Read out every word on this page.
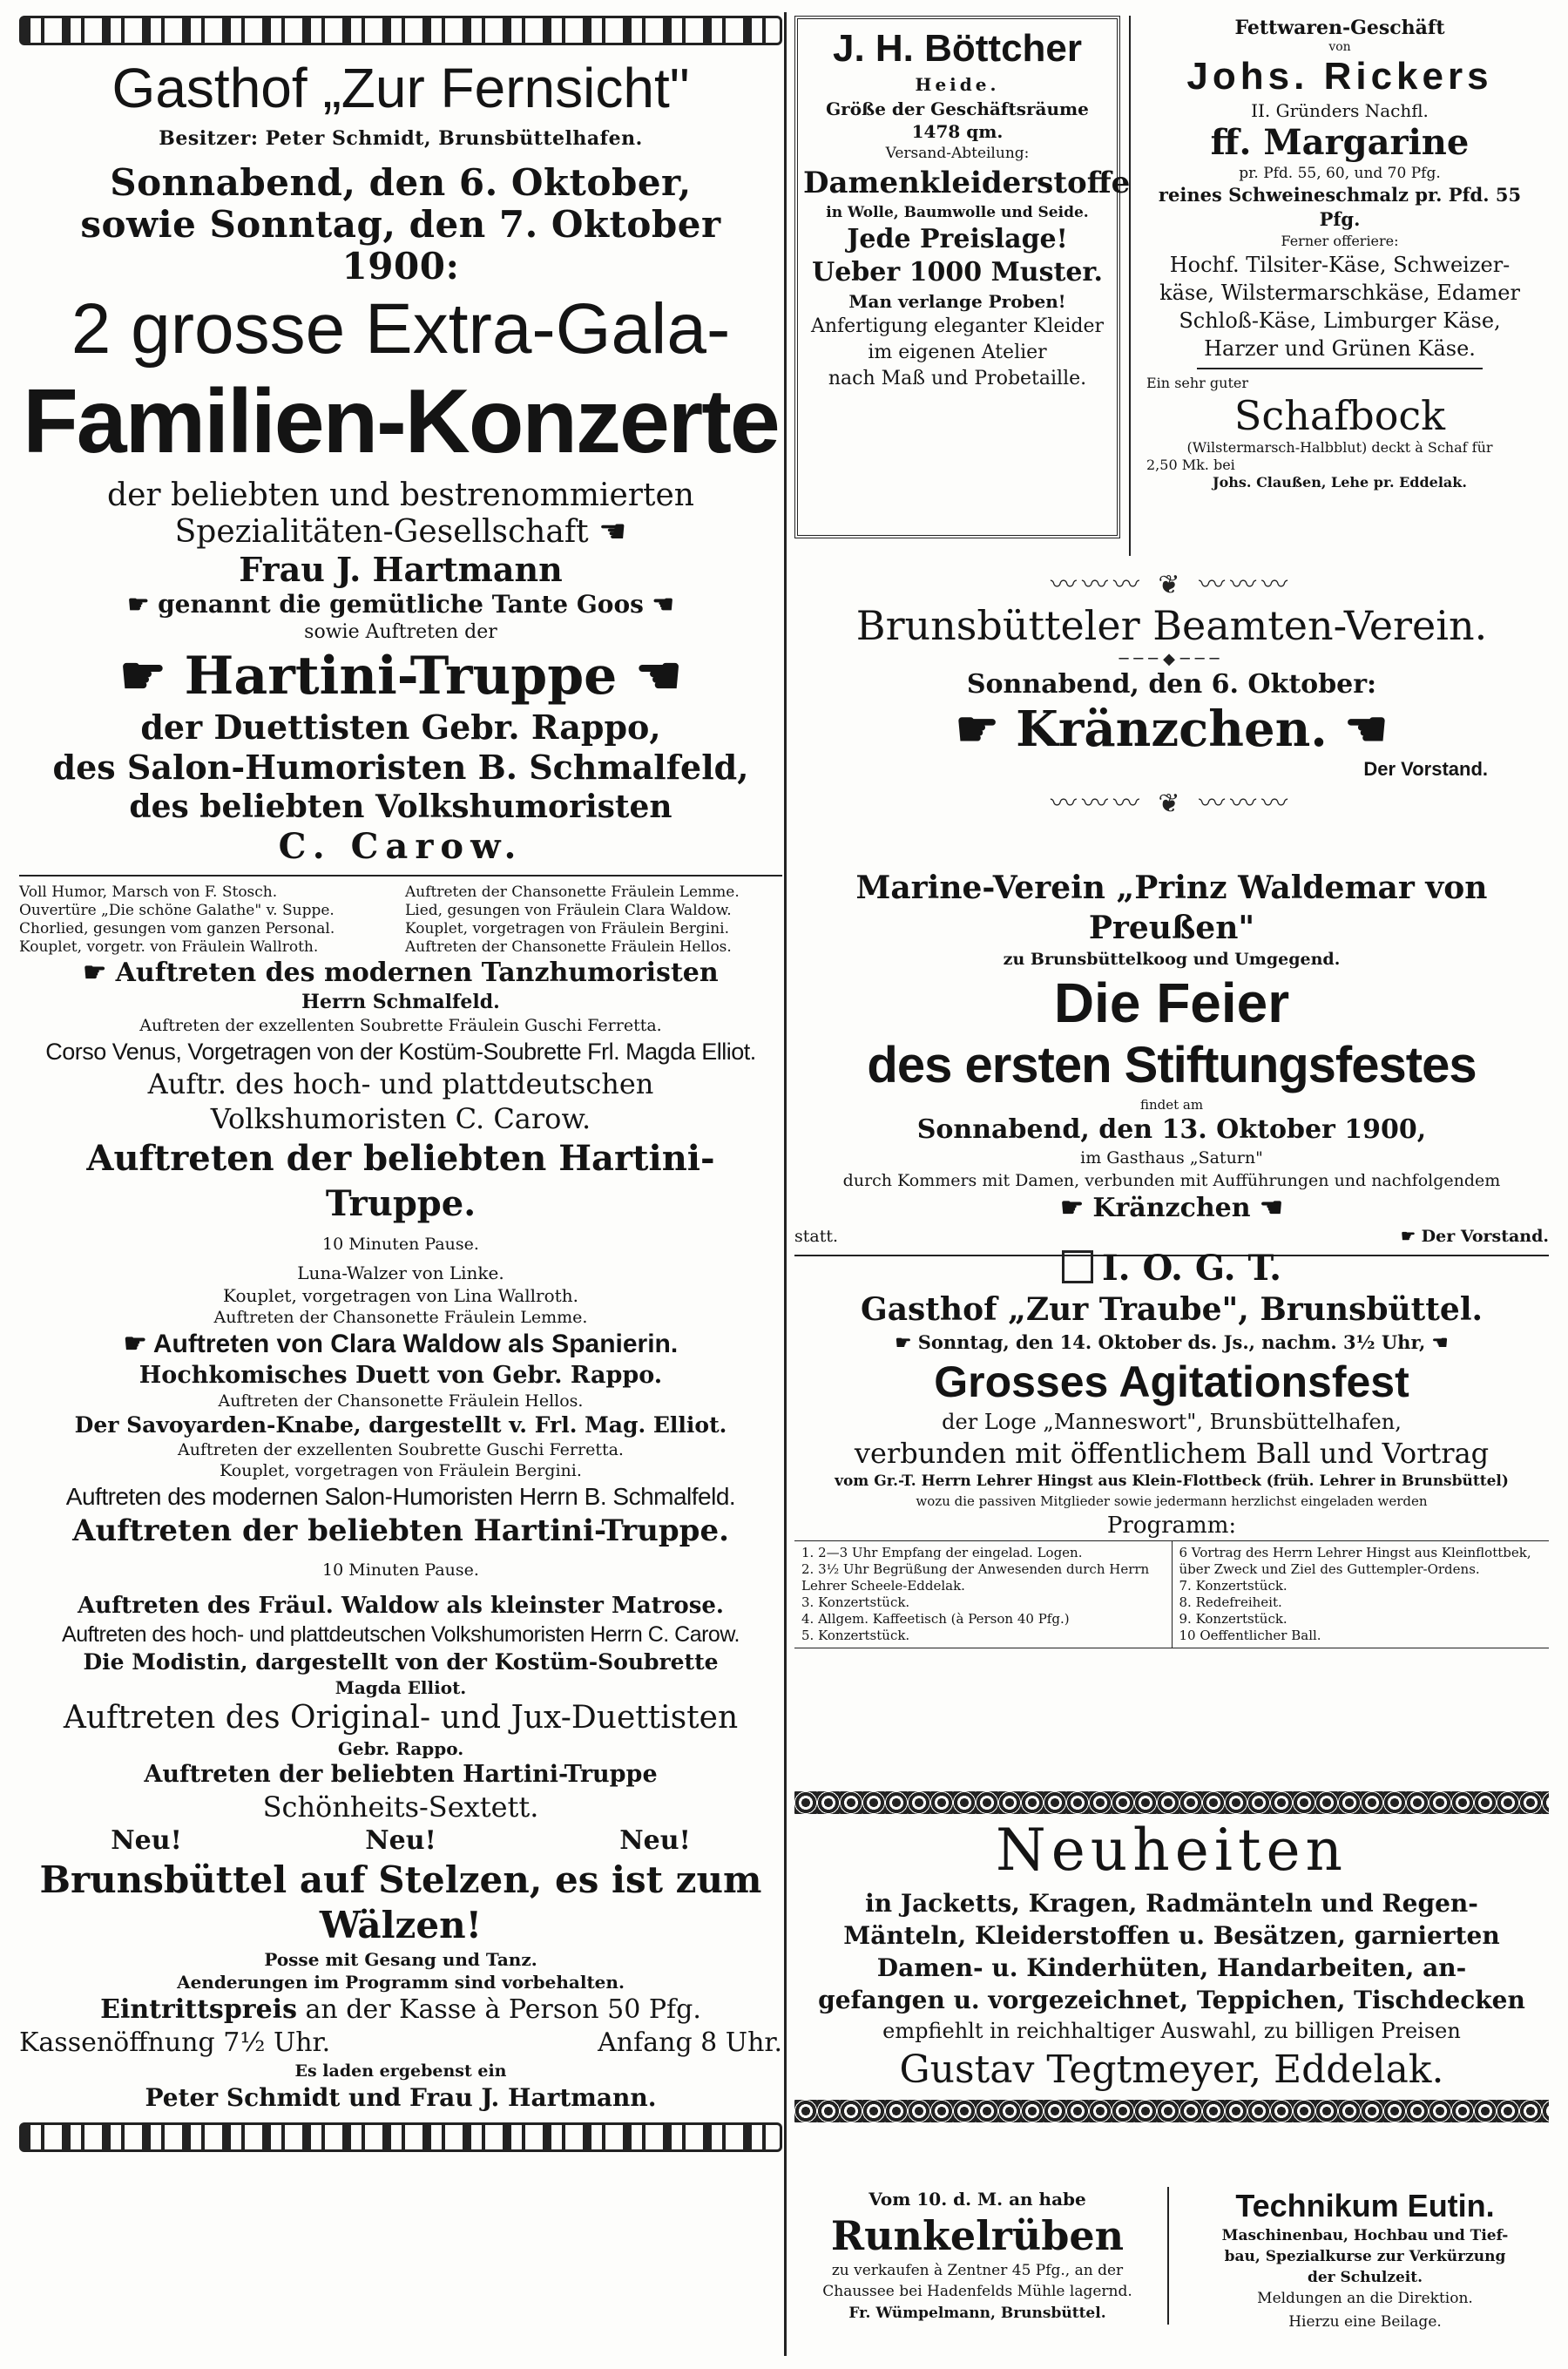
Gasthof „Zur Fernsicht"

Besitzer: Peter Schmidt, Brunsbüttelhafen.

Sonnabend, den 6. Oktober,

sowie Sonntag, den 7. Oktober 1900:

2 grosse Extra-Gala-

Familien-Konzerte

der beliebten und bestrenommierten

Spezialitäten-Gesellschaft ☚

Frau J. Hartmann

☛ genannt die gemütliche Tante Goos ☚

sowie Auftreten der

☛ Hartini-Truppe ☚

der Duettisten Gebr. Rappo,

des Salon-Humoristen B. Schmalfeld,

des beliebten Volkshumoristen

C. Carow.

Voll Humor, Marsch von F. Stosch.

Ouvertüre „Die schöne Galathe" v. Suppe.

Chorlied, gesungen vom ganzen Personal.

Kouplet, vorgetr. von Fräulein Wallroth.

Auftreten der Chansonette Fräulein Lemme.

Lied, gesungen von Fräulein Clara Waldow.

Kouplet, vorgetragen von Fräulein Bergini.

Auftreten der Chansonette Fräulein Hellos.

☛ Auftreten des modernen Tanzhumoristen

Herrn Schmalfeld.

Auftreten der exzellenten Soubrette Fräulein Guschi Ferretta.

Corso Venus, Vorgetragen von der Kostüm-Soubrette Frl. Magda Elliot.

Auftr. des hoch- und plattdeutschen

Volkshumoristen C. Carow.

Auftreten der beliebten Hartini-Truppe.

10 Minuten Pause.

Luna-Walzer von Linke.

Kouplet, vorgetragen von Lina Wallroth.

Auftreten der Chansonette Fräulein Lemme.

☛ Auftreten von Clara Waldow als Spanierin.

Hochkomisches Duett von Gebr. Rappo.

Auftreten der Chansonette Fräulein Hellos.

Der Savoyarden-Knabe, dargestellt v. Frl. Mag. Elliot.

Auftreten der exzellenten Soubrette Guschi Ferretta.

Kouplet, vorgetragen von Fräulein Bergini.

Auftreten des modernen Salon-Humoristen Herrn B. Schmalfeld.

Auftreten der beliebten Hartini-Truppe.

10 Minuten Pause.

Auftreten des Fräul. Waldow als kleinster Matrose.

Auftreten des hoch- und plattdeutschen Volkshumoristen Herrn C. Carow.

Die Modistin, dargestellt von der Kostüm-Soubrette

Magda Elliot.

Auftreten des Original- und Jux-Duettisten

Gebr. Rappo.

Auftreten der beliebten Hartini-Truppe

Schönheits-Sextett.

Neu!	Neu!	Neu!

Brunsbüttel auf Stelzen, es ist zum Wälzen!

Posse mit Gesang und Tanz.

Aenderungen im Programm sind vorbehalten.

Eintrittspreis an der Kasse à Person 50 Pfg.

Kassenöffnung 7½ Uhr.	Anfang 8 Uhr.

Es laden ergebenst ein

Peter Schmidt und Frau J. Hartmann.

J. H. Böttcher

Heide.

Größe der Geschäftsräume

1478 qm.

Versand-Abteilung:

Damenkleiderstoffe

in Wolle, Baumwolle und Seide.

Jede Preislage!

Ueber 1000 Muster.

Man verlange Proben!

Anfertigung eleganter Kleider

im eigenen Atelier

nach Maß und Probetaille.

Fettwaren-Geschäft

von

Johs. Rickers

II. Gründers Nachfl.

ff. Margarine

pr. Pfd. 55, 60, und 70 Pfg.

reines Schweineschmalz pr. Pfd. 55 Pfg.

Ferner offeriere:

Hochf. Tilsiter-Käse, Schweizer-

käse, Wilstermarschkäse, Edamer

Schloß-Käse, Limburger Käse,

Harzer und Grünen Käse.

Ein sehr guter

Schafbock

(Wilstermarsch-Halbblut) deckt à Schaf für

2,50 Mk. bei

Johs. Claußen, Lehe pr. Eddelak.

〰〰〰 ❦ 〰〰〰

Brunsbütteler Beamten-Verein.

───◆───

Sonnabend, den 6. Oktober:

☛ Kränzchen. ☚

Der Vorstand.

〰〰〰 ❦ 〰〰〰

Marine-Verein „Prinz Waldemar von Preußen"

zu Brunsbüttelkoog und Umgegend.

Die Feier

des ersten Stiftungsfestes

findet am

Sonnabend, den 13. Oktober 1900,

im Gasthaus „Saturn"

durch Kommers mit Damen, verbunden mit Aufführungen und nachfolgendem

☛ Kränzchen ☚

statt.
☛	Der Vorstand.

I. O. G. T.

Gasthof „Zur Traube", Brunsbüttel.

☛ Sonntag, den 14. Oktober ds. Js., nachm. 3½ Uhr, ☚

Grosses Agitationsfest

der Loge „Manneswort", Brunsbüttelhafen,

verbunden mit öffentlichem Ball und Vortrag

vom Gr.-T. Herrn Lehrer Hingst aus Klein-Flottbeck (früh. Lehrer in Brunsbüttel)

wozu die passiven Mitglieder sowie jedermann herzlichst eingeladen werden

Programm:

1. 2—3 Uhr Empfang der eingelad. Logen.

2. 3½ Uhr Begrüßung der Anwesenden durch Herrn Lehrer Scheele-Eddelak.

3. Konzertstück.

4. Allgem. Kaffeetisch (à Person 40 Pfg.)

5. Konzertstück.

6 Vortrag des Herrn Lehrer Hingst aus Kleinflottbek, über Zweck und Ziel des Guttempler-Ordens.

7. Konzertstück.

8. Redefreiheit.

9. Konzertstück.

10 Oeffentlicher Ball.

Neuheiten

in Jacketts, Kragen, Radmänteln und Regen-

Mänteln, Kleiderstoffen u. Besätzen, garnierten

Damen- u. Kinderhüten, Handarbeiten, an-

gefangen u. vorgezeichnet, Teppichen, Tischdecken

empfiehlt in reichhaltiger Auswahl, zu billigen Preisen

Gustav Tegtmeyer, Eddelak.

Vom 10. d. M. an habe

Runkelrüben

zu verkaufen à Zentner 45 Pfg., an der

Chaussee bei Hadenfelds Mühle lagernd.

Fr. Wümpelmann, Brunsbüttel.

Technikum Eutin.

Maschinenbau, Hochbau und Tief-

bau, Spezialkurse zur Verkürzung

der Schulzeit.

Meldungen an die Direktion.

Hierzu eine Beilage.
